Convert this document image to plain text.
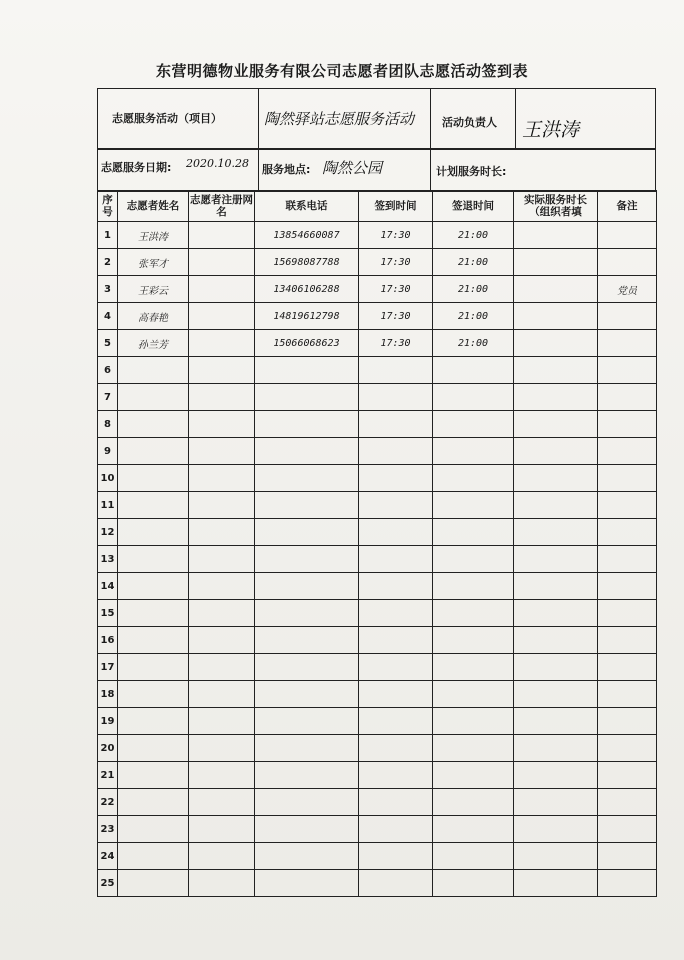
东营明德物业服务有限公司志愿者团队志愿活动签到表
志愿服务活动（项目）	陶然驿站志愿服务活动	活动负责人 王洪涛
志愿服务日期: 2020.10.28 服务地点: 陶然公园	计划服务时长:
序号	志愿者姓名	志愿者注册网名	联系电话	签到时间	签退时间	实际服务时长（组织者填	备注
1	王洪涛		13854660087	17:30	21:00		
2	张军才		15698087788	17:30	21:00		
3	王彩云		13406106288	17:30	21:00		党员
4	高春艳		14819612798	17:30	21:00		
5	孙兰芳		15066068623	17:30	21:00		
6							
7							
8							
9							
10							
11							
12							
13							
14							
15							
16							
17							
18							
19							
20							
21							
22							
23							
24							
25							
